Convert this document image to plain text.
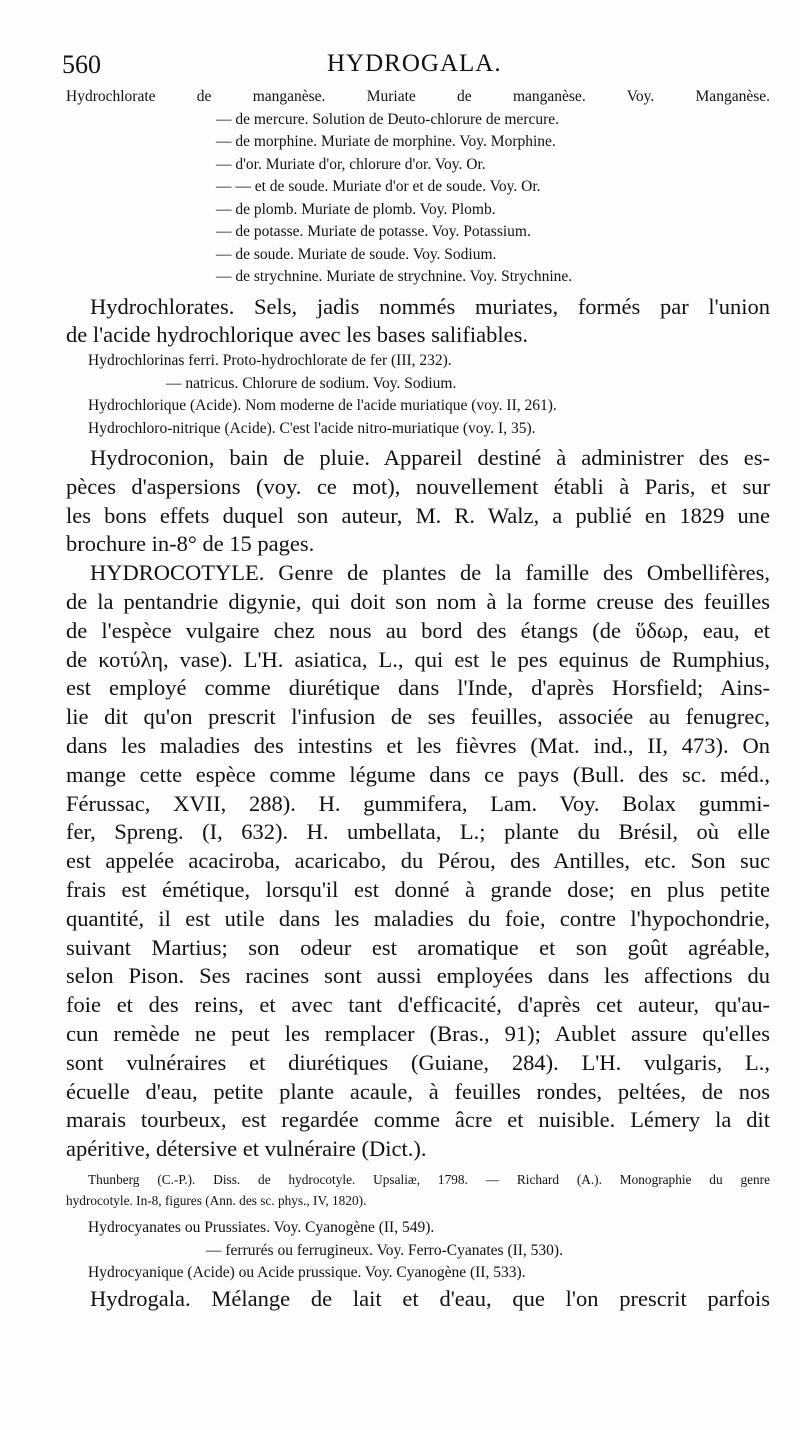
560	HYDROGALA.
Hydrochlorate de manganèse. Muriate de manganèse. Voy. Manganèse.
— de mercure. Solution de Deuto-chlorure de mercure.
— de morphine. Muriate de morphine. Voy. Morphine.
— d'or. Muriate d'or, chlorure d'or. Voy. Or.
— — et de soude. Muriate d'or et de soude. Voy. Or.
— de plomb. Muriate de plomb. Voy. Plomb.
— de potasse. Muriate de potasse. Voy. Potassium.
— de soude. Muriate de soude. Voy. Sodium.
— de strychnine. Muriate de strychnine. Voy. Strychnine.
Hydrochlorates. Sels, jadis nommés muriates, formés par l'union
de l'acide hydrochlorique avec les bases salifiables.
Hydrochlorinas ferri. Proto-hydrochlorate de fer (III, 232).
— natricus. Chlorure de sodium. Voy. Sodium.
Hydrochlorique (Acide). Nom moderne de l'acide muriatique (voy. II, 261).
Hydrochloro-nitrique (Acide). C'est l'acide nitro-muriatique (voy. I, 35).
Hydroconion, bain de pluie. Appareil destiné à administrer des es-
pèces d'aspersions (voy. ce mot), nouvellement établi à Paris, et sur
les bons effets duquel son auteur, M. R. Walz, a publié en 1829 une
brochure in-8° de 15 pages.
HYDROCOTYLE. Genre de plantes de la famille des Ombellifères,
de la pentandrie digynie, qui doit son nom à la forme creuse des feuilles
de l'espèce vulgaire chez nous au bord des étangs (de ὕδωρ, eau, et
de κοτύλη, vase). L'H. asiatica, L., qui est le pes equinus de Rumphius,
est employé comme diurétique dans l'Inde, d'après Horsfield; Ains-
lie dit qu'on prescrit l'infusion de ses feuilles, associée au fenugrec,
dans les maladies des intestins et les fièvres (Mat. ind., II, 473). On
mange cette espèce comme légume dans ce pays (Bull. des sc. méd.,
Férussac, XVII, 288). H. gummifera, Lam. Voy. Bolax gummi-
fer, Spreng. (I, 632). H. umbellata, L.; plante du Brésil, où elle
est appelée acaciroba, acaricabo, du Pérou, des Antilles, etc. Son suc
frais est émétique, lorsqu'il est donné à grande dose; en plus petite
quantité, il est utile dans les maladies du foie, contre l'hypochondrie,
suivant Martius; son odeur est aromatique et son goût agréable,
selon Pison. Ses racines sont aussi employées dans les affections du
foie et des reins, et avec tant d'efficacité, d'après cet auteur, qu'au-
cun remède ne peut les remplacer (Bras., 91); Aublet assure qu'elles
sont vulnéraires et diurétiques (Guiane, 284). L'H. vulgaris, L.,
écuelle d'eau, petite plante acaule, à feuilles rondes, peltées, de nos
marais tourbeux, est regardée comme âcre et nuisible. Lémery la dit
apéritive, détersive et vulnéraire (Dict.).
Thunberg (C.-P.). Diss. de hydrocotyle. Upsaliæ, 1798. — Richard (A.). Monographie du genre
hydrocotyle. In-8, figures (Ann. des sc. phys., IV, 1820).
Hydrocyanates ou Prussiates. Voy. Cyanogène (II, 549).
— ferrurés ou ferrugineux. Voy. Ferro-Cyanates (II, 530).
Hydrocyanique (Acide) ou Acide prussique. Voy. Cyanogène (II, 533).
Hydrogala. Mélange de lait et d'eau, que l'on prescrit parfois
